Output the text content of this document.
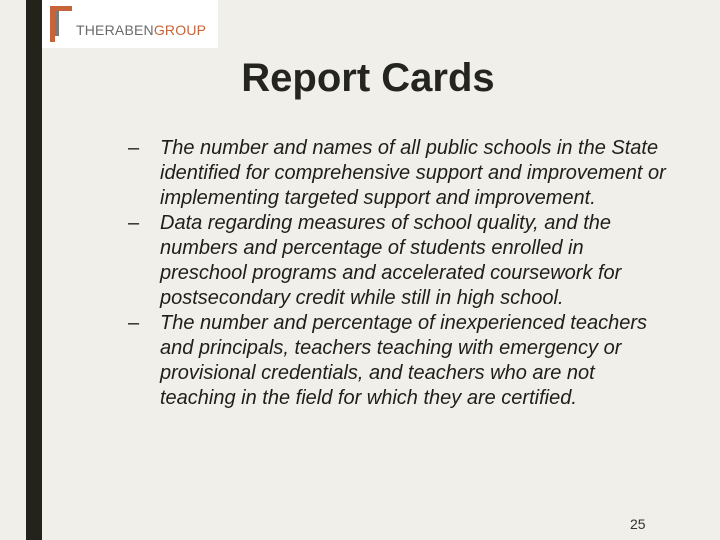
THERABENGROUP
Report Cards
– The number and names of all public schools in the State identified for comprehensive support and improvement or implementing targeted support and improvement.
– Data regarding measures of school quality, and the numbers and percentage of students enrolled in preschool programs and accelerated coursework for postsecondary credit while still in high school.
– The number and percentage of inexperienced teachers and principals, teachers teaching with emergency or provisional credentials, and teachers who are not teaching in the field for which they are certified.
25
